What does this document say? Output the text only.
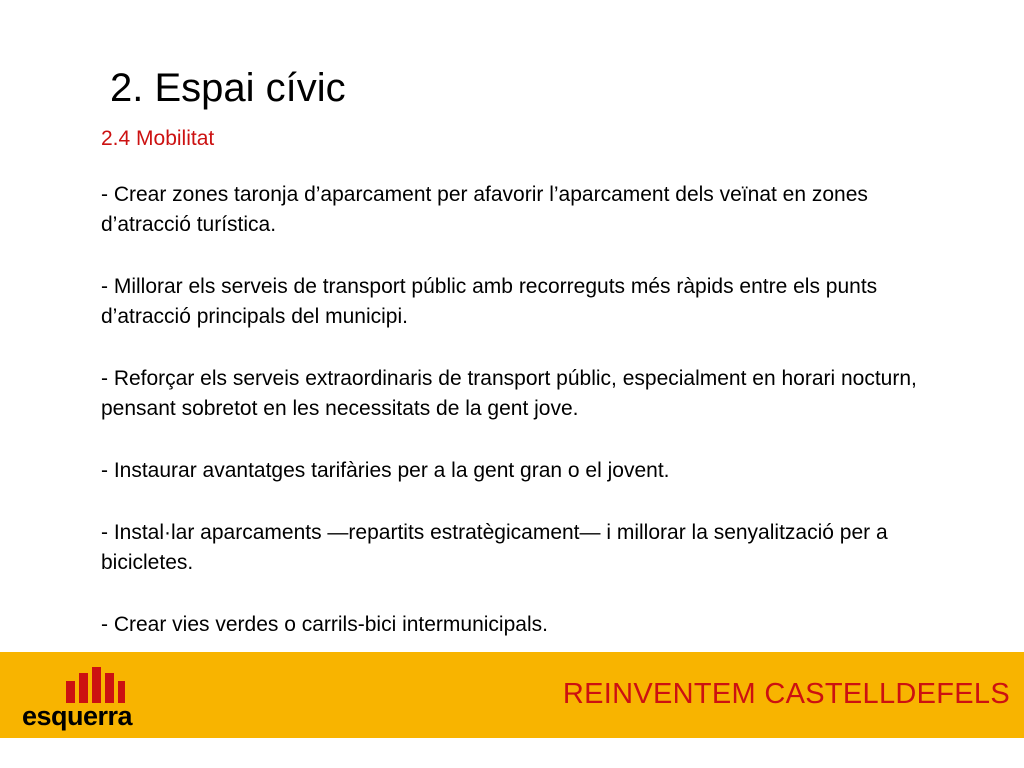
2. Espai cívic

2.4 Mobilitat

- Crear zones taronja d’aparcament per afavorir l’aparcament dels veïnat en zones d’atracció turística.
- Millorar els serveis de transport públic amb recorreguts més ràpids entre els punts d’atracció principals del municipi.
- Reforçar els serveis extraordinaris de transport públic, especialment en horari nocturn, pensant sobretot en les necessitats de la gent jove.
- Instaurar avantatges tarifàries per a la gent gran o el jovent.
- Instal·lar aparcaments —repartits estratègicament— i millorar la senyalització per a bicicletes.
- Crear vies verdes o carrils-bici intermunicipals.
esquerra
REINVENTEM CASTELLDEFELS
